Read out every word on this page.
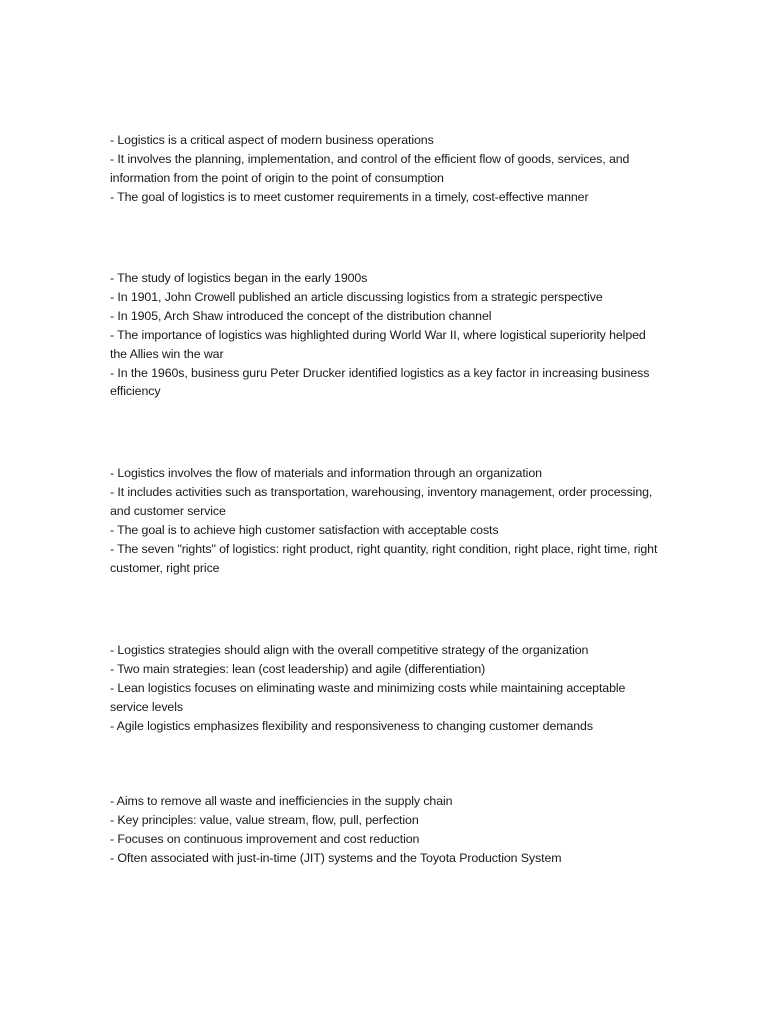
- Logistics is a critical aspect of modern business operations
- It involves the planning, implementation, and control of the efficient flow of goods, services, and information from the point of origin to the point of consumption
- The goal of logistics is to meet customer requirements in a timely, cost-effective manner
- The study of logistics began in the early 1900s
- In 1901, John Crowell published an article discussing logistics from a strategic perspective
- In 1905, Arch Shaw introduced the concept of the distribution channel
- The importance of logistics was highlighted during World War II, where logistical superiority helped the Allies win the war
- In the 1960s, business guru Peter Drucker identified logistics as a key factor in increasing business efficiency
- Logistics involves the flow of materials and information through an organization
- It includes activities such as transportation, warehousing, inventory management, order processing, and customer service
- The goal is to achieve high customer satisfaction with acceptable costs
- The seven "rights" of logistics: right product, right quantity, right condition, right place, right time, right customer, right price
- Logistics strategies should align with the overall competitive strategy of the organization
- Two main strategies: lean (cost leadership) and agile (differentiation)
- Lean logistics focuses on eliminating waste and minimizing costs while maintaining acceptable service levels
- Agile logistics emphasizes flexibility and responsiveness to changing customer demands
- Aims to remove all waste and inefficiencies in the supply chain
- Key principles: value, value stream, flow, pull, perfection
- Focuses on continuous improvement and cost reduction
- Often associated with just-in-time (JIT) systems and the Toyota Production System
